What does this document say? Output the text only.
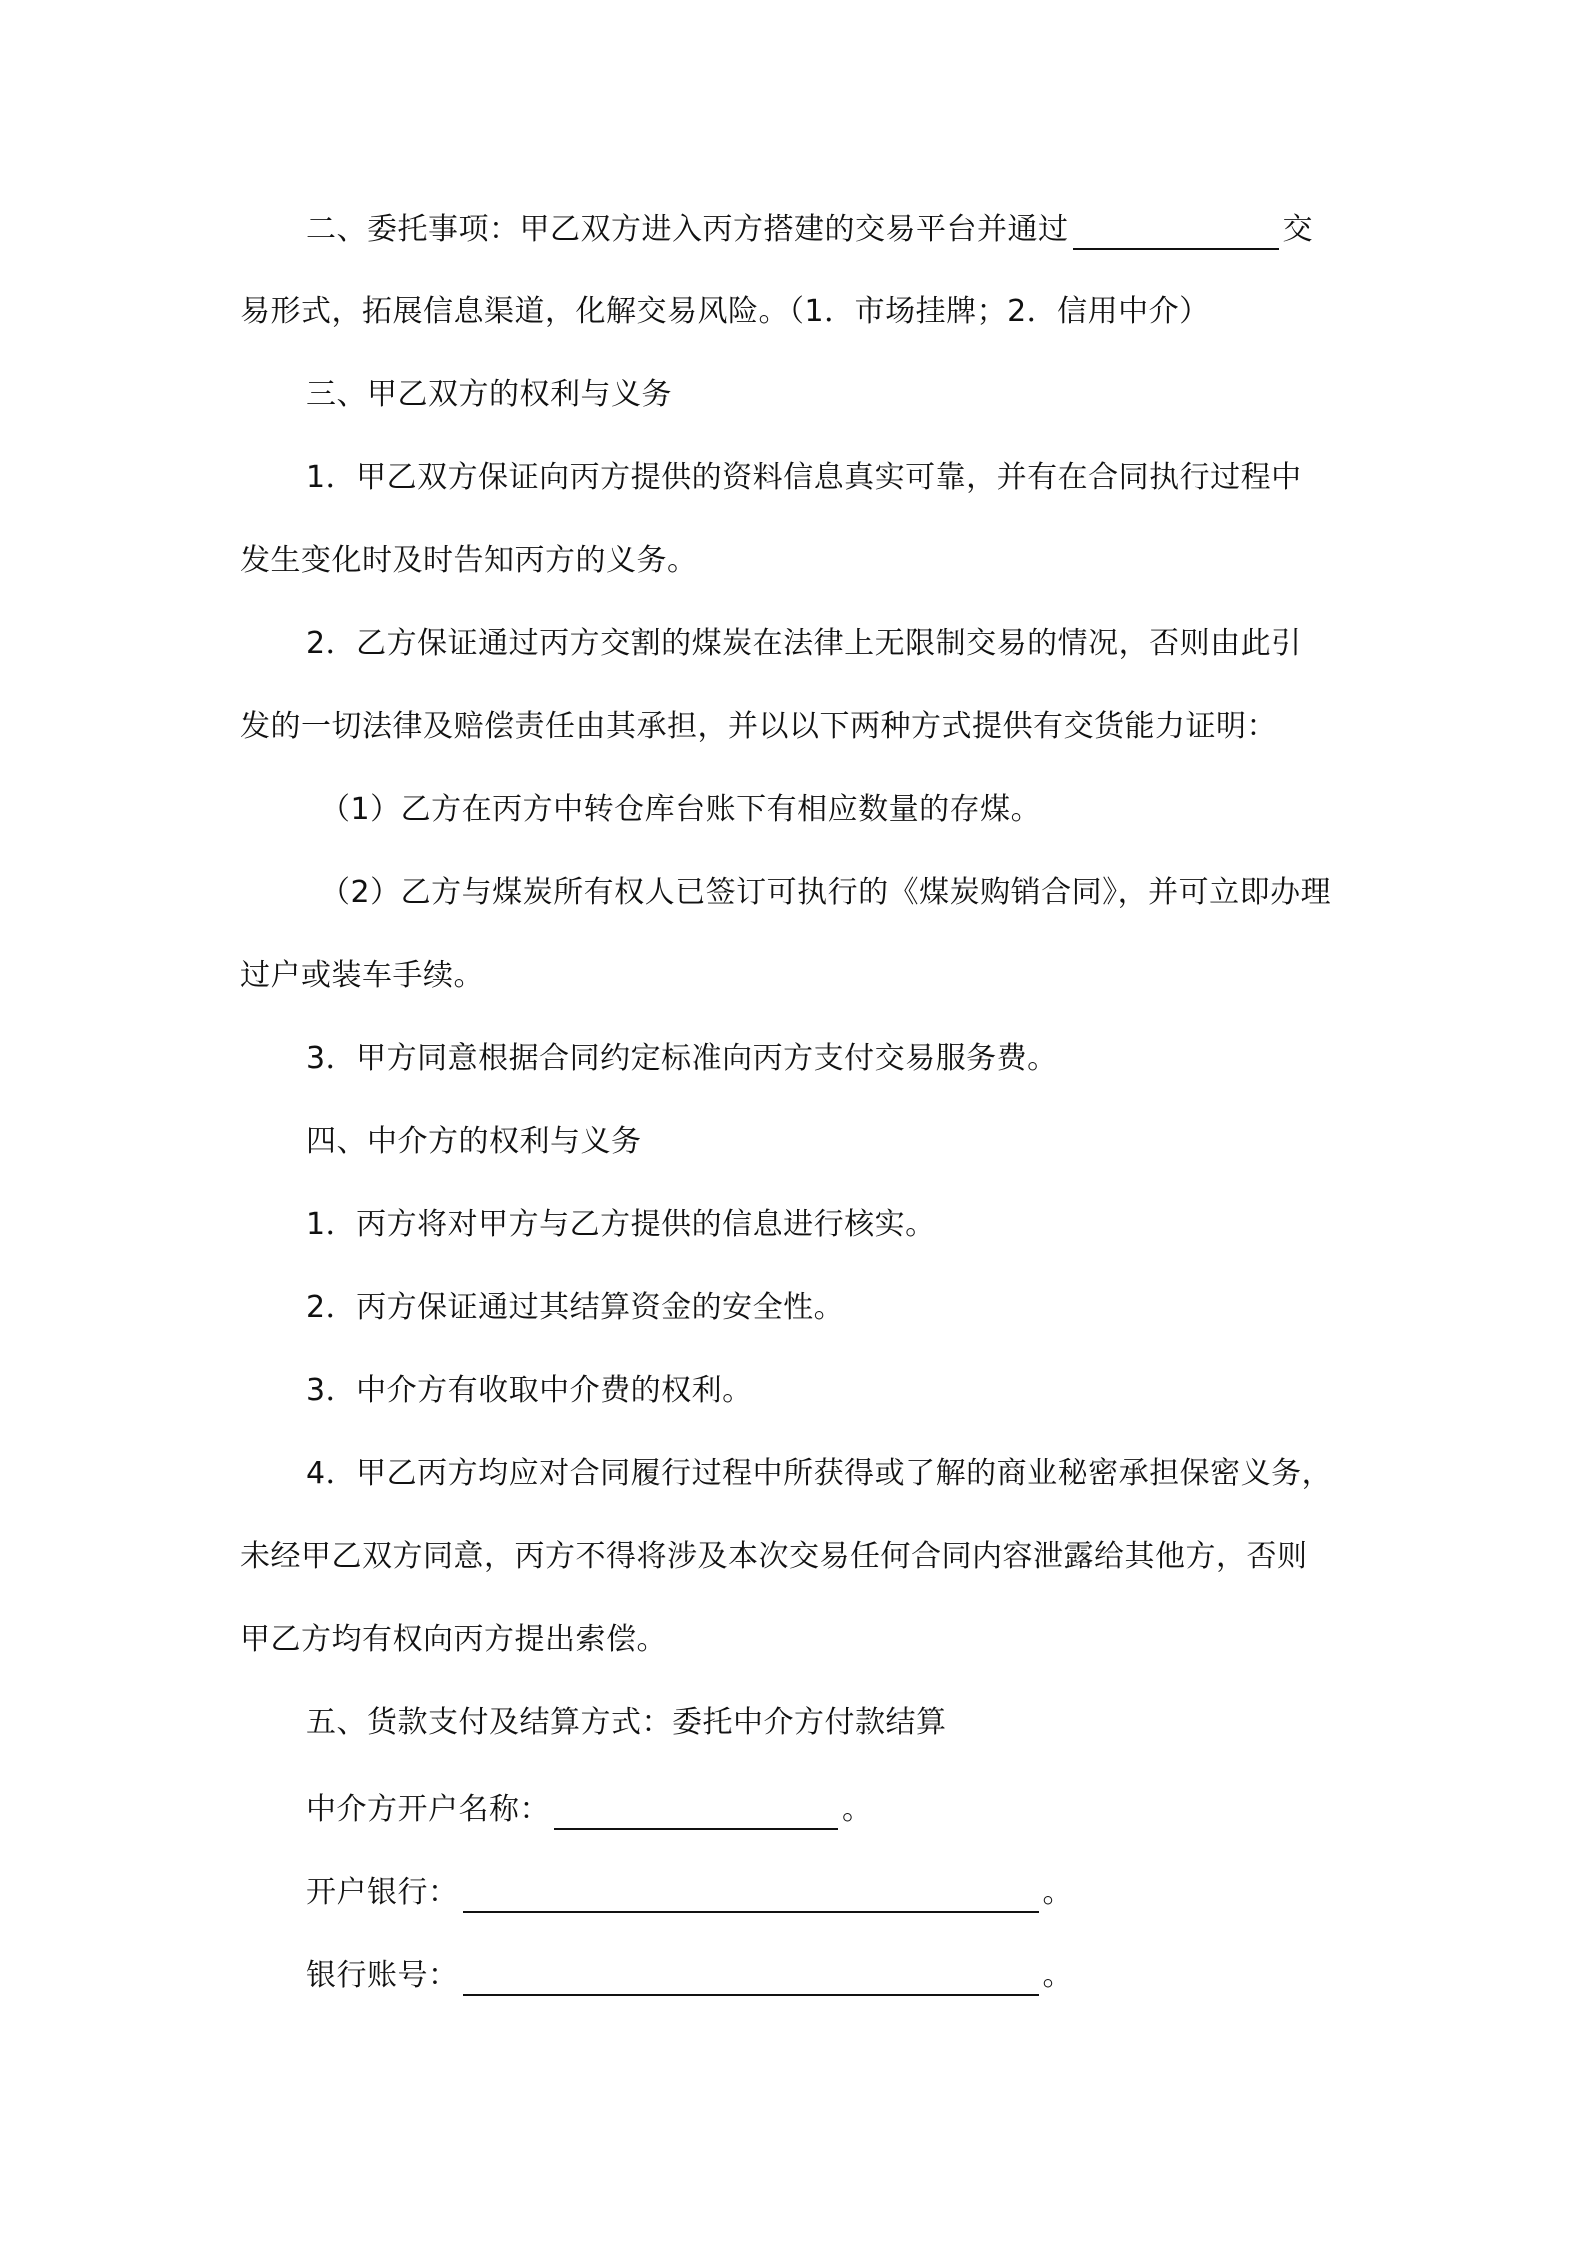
二、委托事项：甲乙双方进入丙方搭建的交易平台并通过	交
易形式，拓展信息渠道，化解交易风险。（1．市场挂牌；2．信用中介）
三、甲乙双方的权利与义务
1．甲乙双方保证向丙方提供的资料信息真实可靠，并有在合同执行过程中
发生变化时及时告知丙方的义务。
2．乙方保证通过丙方交割的煤炭在法律上无限制交易的情况，否则由此引
发的一切法律及赔偿责任由其承担，并以以下两种方式提供有交货能力证明：
（1）乙方在丙方中转仓库台账下有相应数量的存煤。
（2）乙方与煤炭所有权人已签订可执行的《煤炭购销合同》，并可立即办理
过户或装车手续。
3．甲方同意根据合同约定标准向丙方支付交易服务费。
四、中介方的权利与义务
1．丙方将对甲方与乙方提供的信息进行核实。
2．丙方保证通过其结算资金的安全性。
3．中介方有收取中介费的权利。
4．甲乙丙方均应对合同履行过程中所获得或了解的商业秘密承担保密义务，
未经甲乙双方同意，丙方不得将涉及本次交易任何合同内容泄露给其他方，否则
甲乙方均有权向丙方提出索偿。
五、货款支付及结算方式：委托中介方付款结算
中介方开户名称：	。
开户银行：	。
银行账号：	。
